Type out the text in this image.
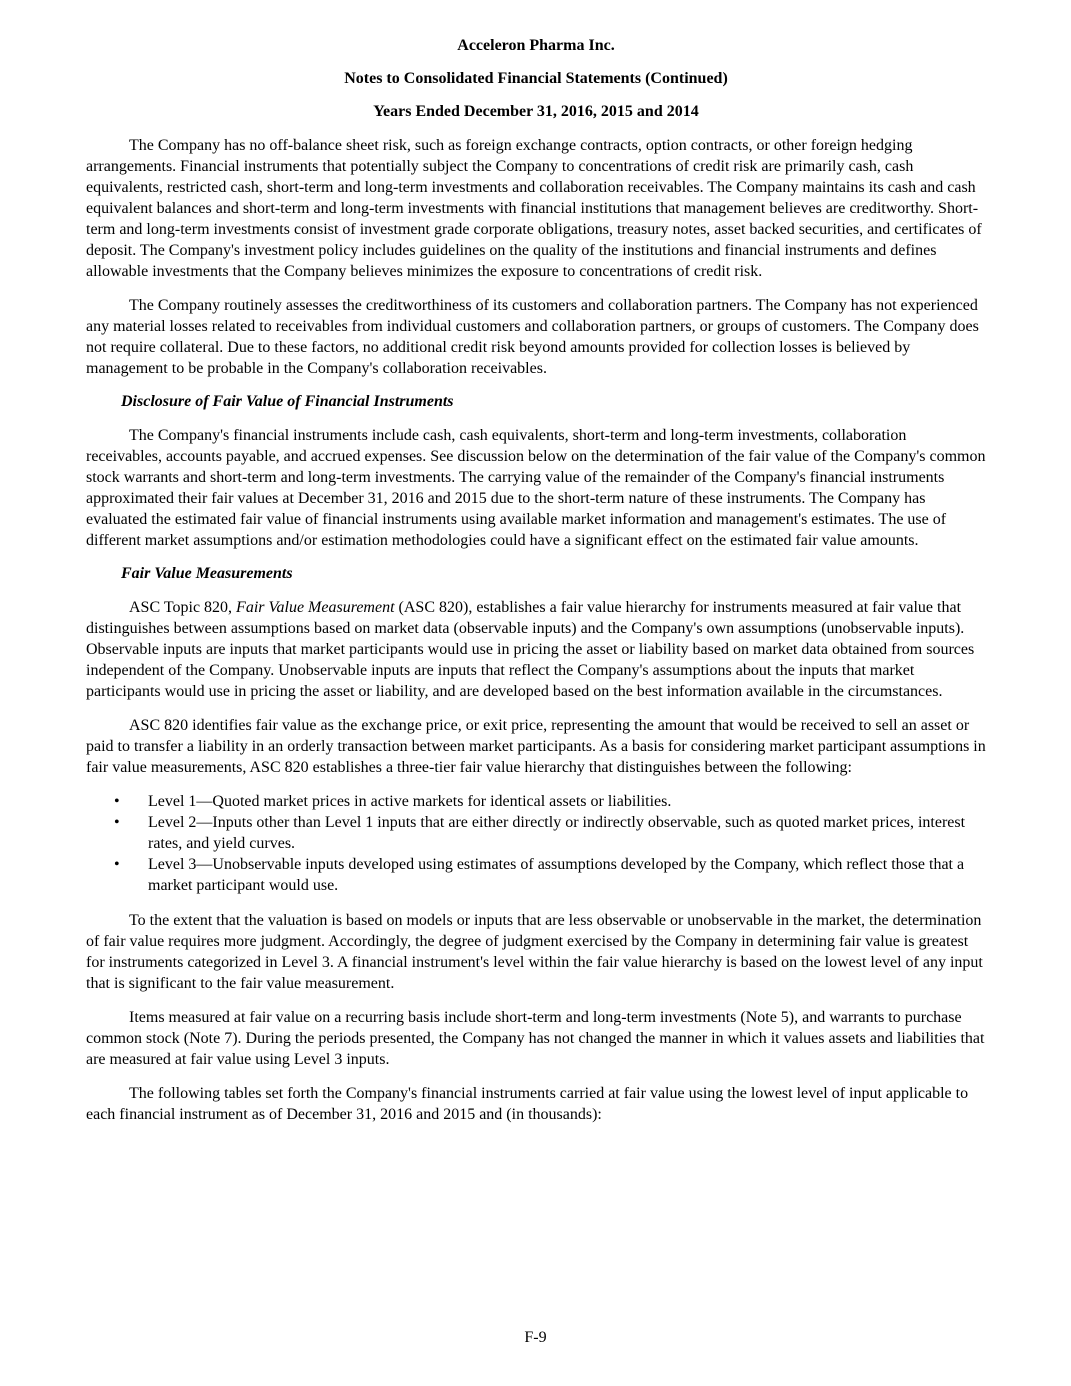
Acceleron Pharma Inc.
Notes to Consolidated Financial Statements (Continued)
Years Ended December 31, 2016, 2015 and 2014

The Company has no off-balance sheet risk, such as foreign exchange contracts, option contracts, or other foreign hedging arrangements. Financial instruments that potentially subject the Company to concentrations of credit risk are primarily cash, cash equivalents, restricted cash, short-term and long-term investments and collaboration receivables. The Company maintains its cash and cash equivalent balances and short-term and long-term investments with financial institutions that management believes are creditworthy. Short-term and long-term investments consist of investment grade corporate obligations, treasury notes, asset backed securities, and certificates of deposit. The Company's investment policy includes guidelines on the quality of the institutions and financial instruments and defines allowable investments that the Company believes minimizes the exposure to concentrations of credit risk.

The Company routinely assesses the creditworthiness of its customers and collaboration partners. The Company has not experienced any material losses related to receivables from individual customers and collaboration partners, or groups of customers. The Company does not require collateral. Due to these factors, no additional credit risk beyond amounts provided for collection losses is believed by management to be probable in the Company's collaboration receivables.

Disclosure of Fair Value of Financial Instruments

The Company's financial instruments include cash, cash equivalents, short-term and long-term investments, collaboration receivables, accounts payable, and accrued expenses. See discussion below on the determination of the fair value of the Company's common stock warrants and short-term and long-term investments. The carrying value of the remainder of the Company's financial instruments approximated their fair values at December 31, 2016 and 2015 due to the short-term nature of these instruments. The Company has evaluated the estimated fair value of financial instruments using available market information and management's estimates. The use of different market assumptions and/or estimation methodologies could have a significant effect on the estimated fair value amounts.

Fair Value Measurements

ASC Topic 820, Fair Value Measurement (ASC 820), establishes a fair value hierarchy for instruments measured at fair value that distinguishes between assumptions based on market data (observable inputs) and the Company's own assumptions (unobservable inputs). Observable inputs are inputs that market participants would use in pricing the asset or liability based on market data obtained from sources independent of the Company. Unobservable inputs are inputs that reflect the Company's assumptions about the inputs that market participants would use in pricing the asset or liability, and are developed based on the best information available in the circumstances.

ASC 820 identifies fair value as the exchange price, or exit price, representing the amount that would be received to sell an asset or paid to transfer a liability in an orderly transaction between market participants. As a basis for considering market participant assumptions in fair value measurements, ASC 820 establishes a three-tier fair value hierarchy that distinguishes between the following:

• Level 1—Quoted market prices in active markets for identical assets or liabilities.
• Level 2—Inputs other than Level 1 inputs that are either directly or indirectly observable, such as quoted market prices, interest rates, and yield curves.
• Level 3—Unobservable inputs developed using estimates of assumptions developed by the Company, which reflect those that a market participant would use.

To the extent that the valuation is based on models or inputs that are less observable or unobservable in the market, the determination of fair value requires more judgment. Accordingly, the degree of judgment exercised by the Company in determining fair value is greatest for instruments categorized in Level 3. A financial instrument's level within the fair value hierarchy is based on the lowest level of any input that is significant to the fair value measurement.

Items measured at fair value on a recurring basis include short-term and long-term investments (Note 5), and warrants to purchase common stock (Note 7). During the periods presented, the Company has not changed the manner in which it values assets and liabilities that are measured at fair value using Level 3 inputs.

The following tables set forth the Company's financial instruments carried at fair value using the lowest level of input applicable to each financial instrument as of December 31, 2016 and 2015 and (in thousands):

F-9
